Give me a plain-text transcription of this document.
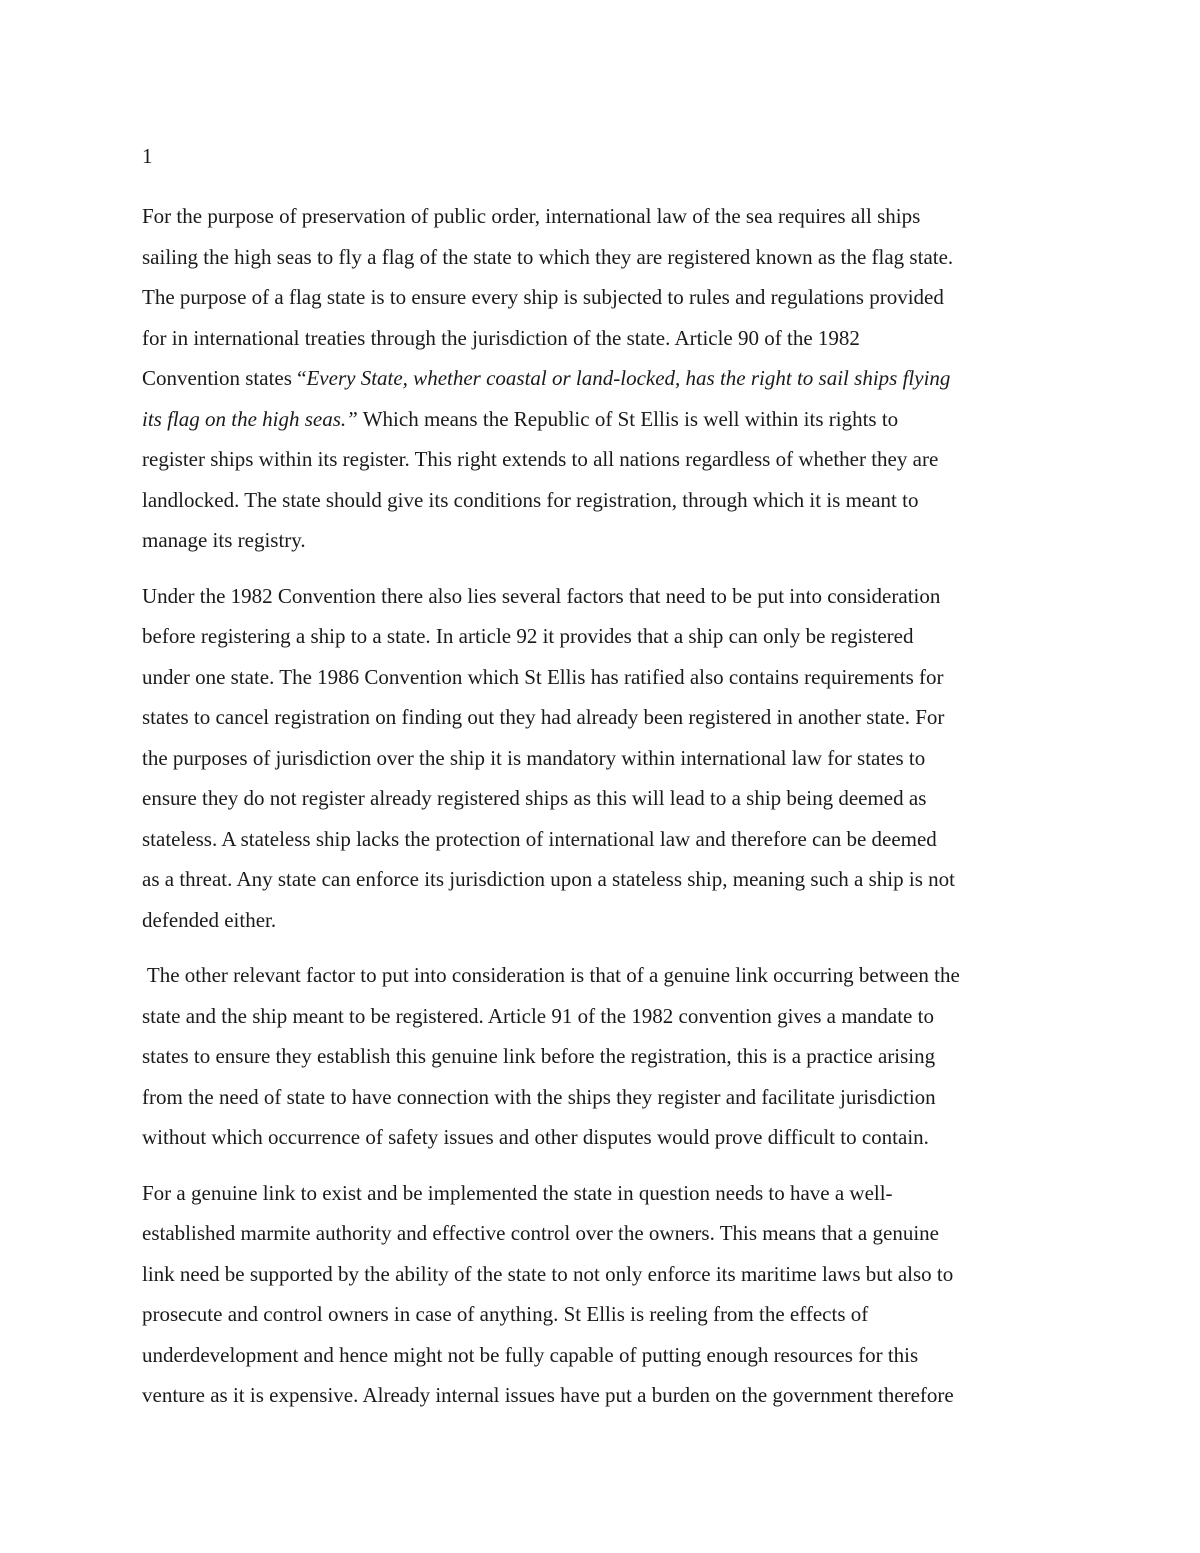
1

For the purpose of preservation of public order, international law of the sea requires all ships
sailing the high seas to fly a flag of the state to which they are registered known as the flag state.
The purpose of a flag state is to ensure every ship is subjected to rules and regulations provided
for in international treaties through the jurisdiction of the state. Article 90 of the 1982
Convention states “Every State, whether coastal or land-locked, has the right to sail ships flying
its flag on the high seas.” Which means the Republic of St Ellis is well within its rights to
register ships within its register. This right extends to all nations regardless of whether they are
landlocked. The state should give its conditions for registration, through which it is meant to
manage its registry.

Under the 1982 Convention there also lies several factors that need to be put into consideration
before registering a ship to a state. In article 92 it provides that a ship can only be registered
under one state. The 1986 Convention which St Ellis has ratified also contains requirements for
states to cancel registration on finding out they had already been registered in another state. For
the purposes of jurisdiction over the ship it is mandatory within international law for states to
ensure they do not register already registered ships as this will lead to a ship being deemed as
stateless. A stateless ship lacks the protection of international law and therefore can be deemed
as a threat. Any state can enforce its jurisdiction upon a stateless ship, meaning such a ship is not
defended either.

The other relevant factor to put into consideration is that of a genuine link occurring between the
state and the ship meant to be registered. Article 91 of the 1982 convention gives a mandate to
states to ensure they establish this genuine link before the registration, this is a practice arising
from the need of state to have connection with the ships they register and facilitate jurisdiction
without which occurrence of safety issues and other disputes would prove difficult to contain.

For a genuine link to exist and be implemented the state in question needs to have a well-
established marmite authority and effective control over the owners. This means that a genuine
link need be supported by the ability of the state to not only enforce its maritime laws but also to
prosecute and control owners in case of anything. St Ellis is reeling from the effects of
underdevelopment and hence might not be fully capable of putting enough resources for this
venture as it is expensive. Already internal issues have put a burden on the government therefore
